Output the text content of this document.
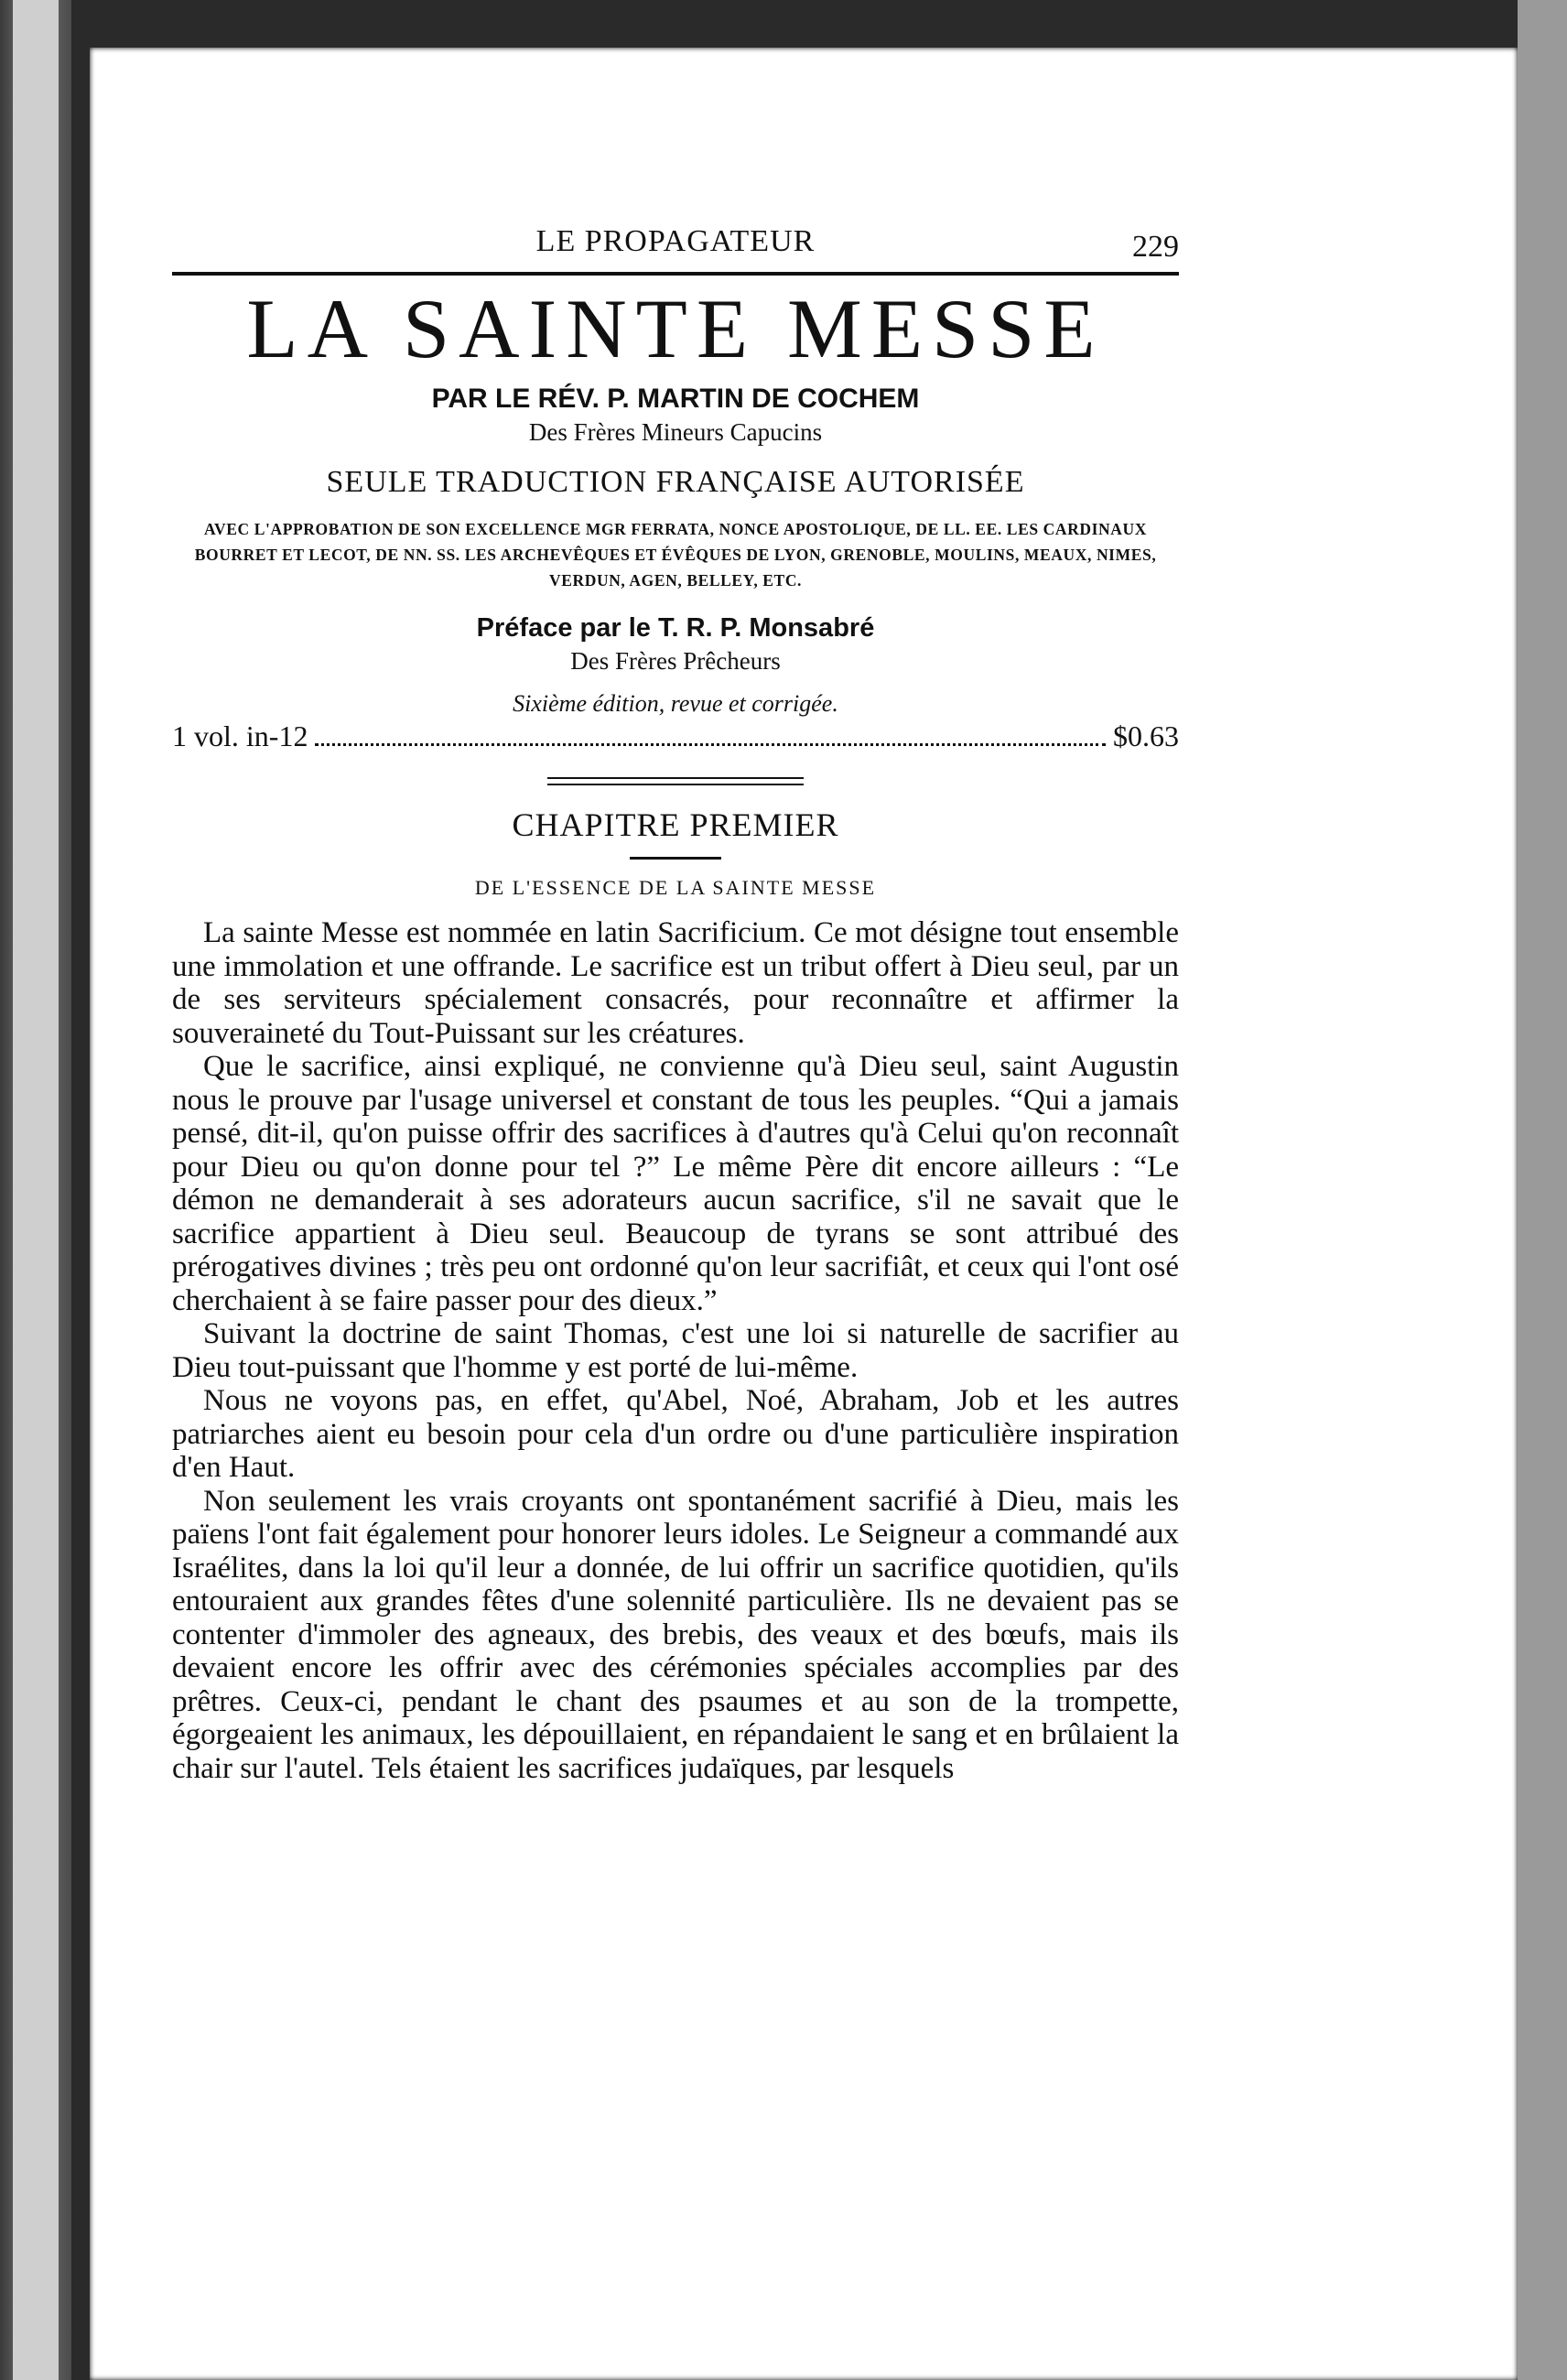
LE PROPAGATEUR	229
LA SAINTE MESSE
PAR LE RÉV. P. MARTIN DE COCHEM
Des Frères Mineurs Capucins
SEULE TRADUCTION FRANÇAISE AUTORISÉE
AVEC L'APPROBATION DE SON EXCELLENCE MGR FERRATA, NONCE APOSTOLIQUE, DE LL. EE. LES CARDINAUX BOURRET ET LECOT, DE NN. SS. LES ARCHEVÊQUES ET ÉVÊQUES DE LYON, GRENOBLE, MOULINS, MEAUX, NIMES, VERDUN, AGEN, BELLEY, ETC.
Préface par le T. R. P. Monsabré
Des Frères Prêcheurs
Sixième édition, revue et corrigée.
1 vol. in-12	$0.63
CHAPITRE PREMIER
DE L'ESSENCE DE LA SAINTE MESSE

La sainte Messe est nommée en latin Sacrificium. Ce mot désigne tout ensemble une immolation et une offrande. Le sacrifice est un tribut offert à Dieu seul, par un de ses serviteurs spécialement consacrés, pour reconnaître et affirmer la souveraineté du Tout-Puissant sur les créatures.

Que le sacrifice, ainsi expliqué, ne convienne qu'à Dieu seul, saint Augustin nous le prouve par l'usage universel et constant de tous les peuples. “Qui a jamais pensé, dit-il, qu'on puisse offrir des sacrifices à d'autres qu'à Celui qu'on reconnaît pour Dieu ou qu'on donne pour tel ?” Le même Père dit encore ailleurs : “Le démon ne demanderait à ses adorateurs aucun sacrifice, s'il ne savait que le sacrifice appartient à Dieu seul. Beaucoup de tyrans se sont attribué des prérogatives divines ; très peu ont ordonné qu'on leur sacrifiât, et ceux qui l'ont osé cherchaient à se faire passer pour des dieux.”

Suivant la doctrine de saint Thomas, c'est une loi si naturelle de sacrifier au Dieu tout-puissant que l'homme y est porté de lui-même.

Nous ne voyons pas, en effet, qu'Abel, Noé, Abraham, Job et les autres patriarches aient eu besoin pour cela d'un ordre ou d'une particulière inspiration d'en Haut.

Non seulement les vrais croyants ont spontanément sacrifié à Dieu, mais les païens l'ont fait également pour honorer leurs idoles. Le Seigneur a commandé aux Israélites, dans la loi qu'il leur a donnée, de lui offrir un sacrifice quotidien, qu'ils entouraient aux grandes fêtes d'une solennité particulière. Ils ne devaient pas se contenter d'immoler des agneaux, des brebis, des veaux et des bœufs, mais ils devaient encore les offrir avec des cérémonies spéciales accomplies par des prêtres. Ceux-ci, pendant le chant des psaumes et au son de la trompette, égorgeaient les animaux, les dépouillaient, en répandaient le sang et en brûlaient la chair sur l'autel. Tels étaient les sacrifices judaïques, par lesquels
